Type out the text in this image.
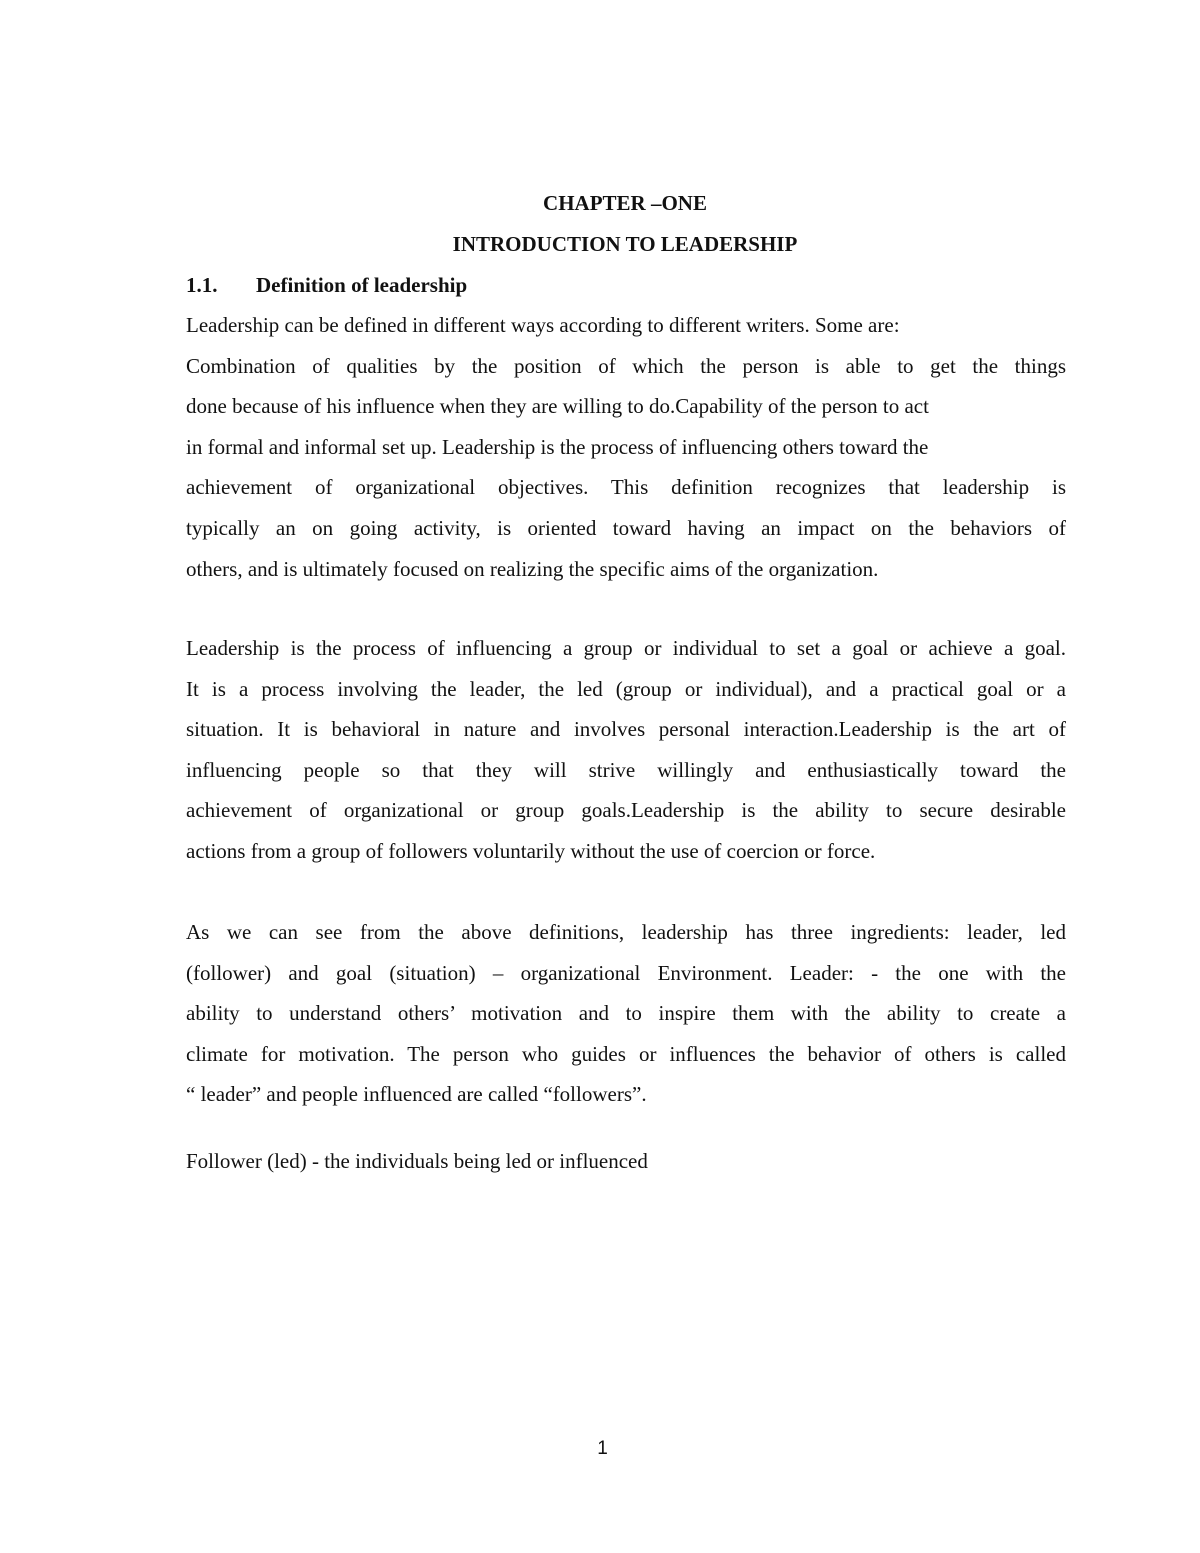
CHAPTER –ONE
INTRODUCTION TO LEADERSHIP
1.1. Definition of leadership
Leadership can be defined in different ways according to different writers. Some are:
Combination of qualities by the position of which the person is able to get the things
done because of his influence when they are willing to do.Capability of the person to act
in formal and informal set up. Leadership is the process of influencing others toward the
achievement of organizational objectives. This definition recognizes that leadership is
typically an on going activity, is oriented toward having an impact on the behaviors of
others, and is ultimately focused on realizing the specific aims of the organization.
Leadership is the process of influencing a group or individual to set a goal or achieve a goal.
It is a process involving the leader, the led (group or individual), and a practical goal or a
situation. It is behavioral in nature and involves personal interaction.Leadership is the art of
influencing people so that they will strive willingly and enthusiastically toward the
achievement of organizational or group goals.Leadership is the ability to secure desirable
actions from a group of followers voluntarily without the use of coercion or force.
As we can see from the above definitions, leadership has three ingredients: leader, led
(follower) and goal (situation) – organizational Environment. Leader: - the one with the
ability to understand others’ motivation and to inspire them with the ability to create a
climate for motivation. The person who guides or influences the behavior of others is called
“ leader” and people influenced are called “followers”.
Follower (led) - the individuals being led or influenced
1
